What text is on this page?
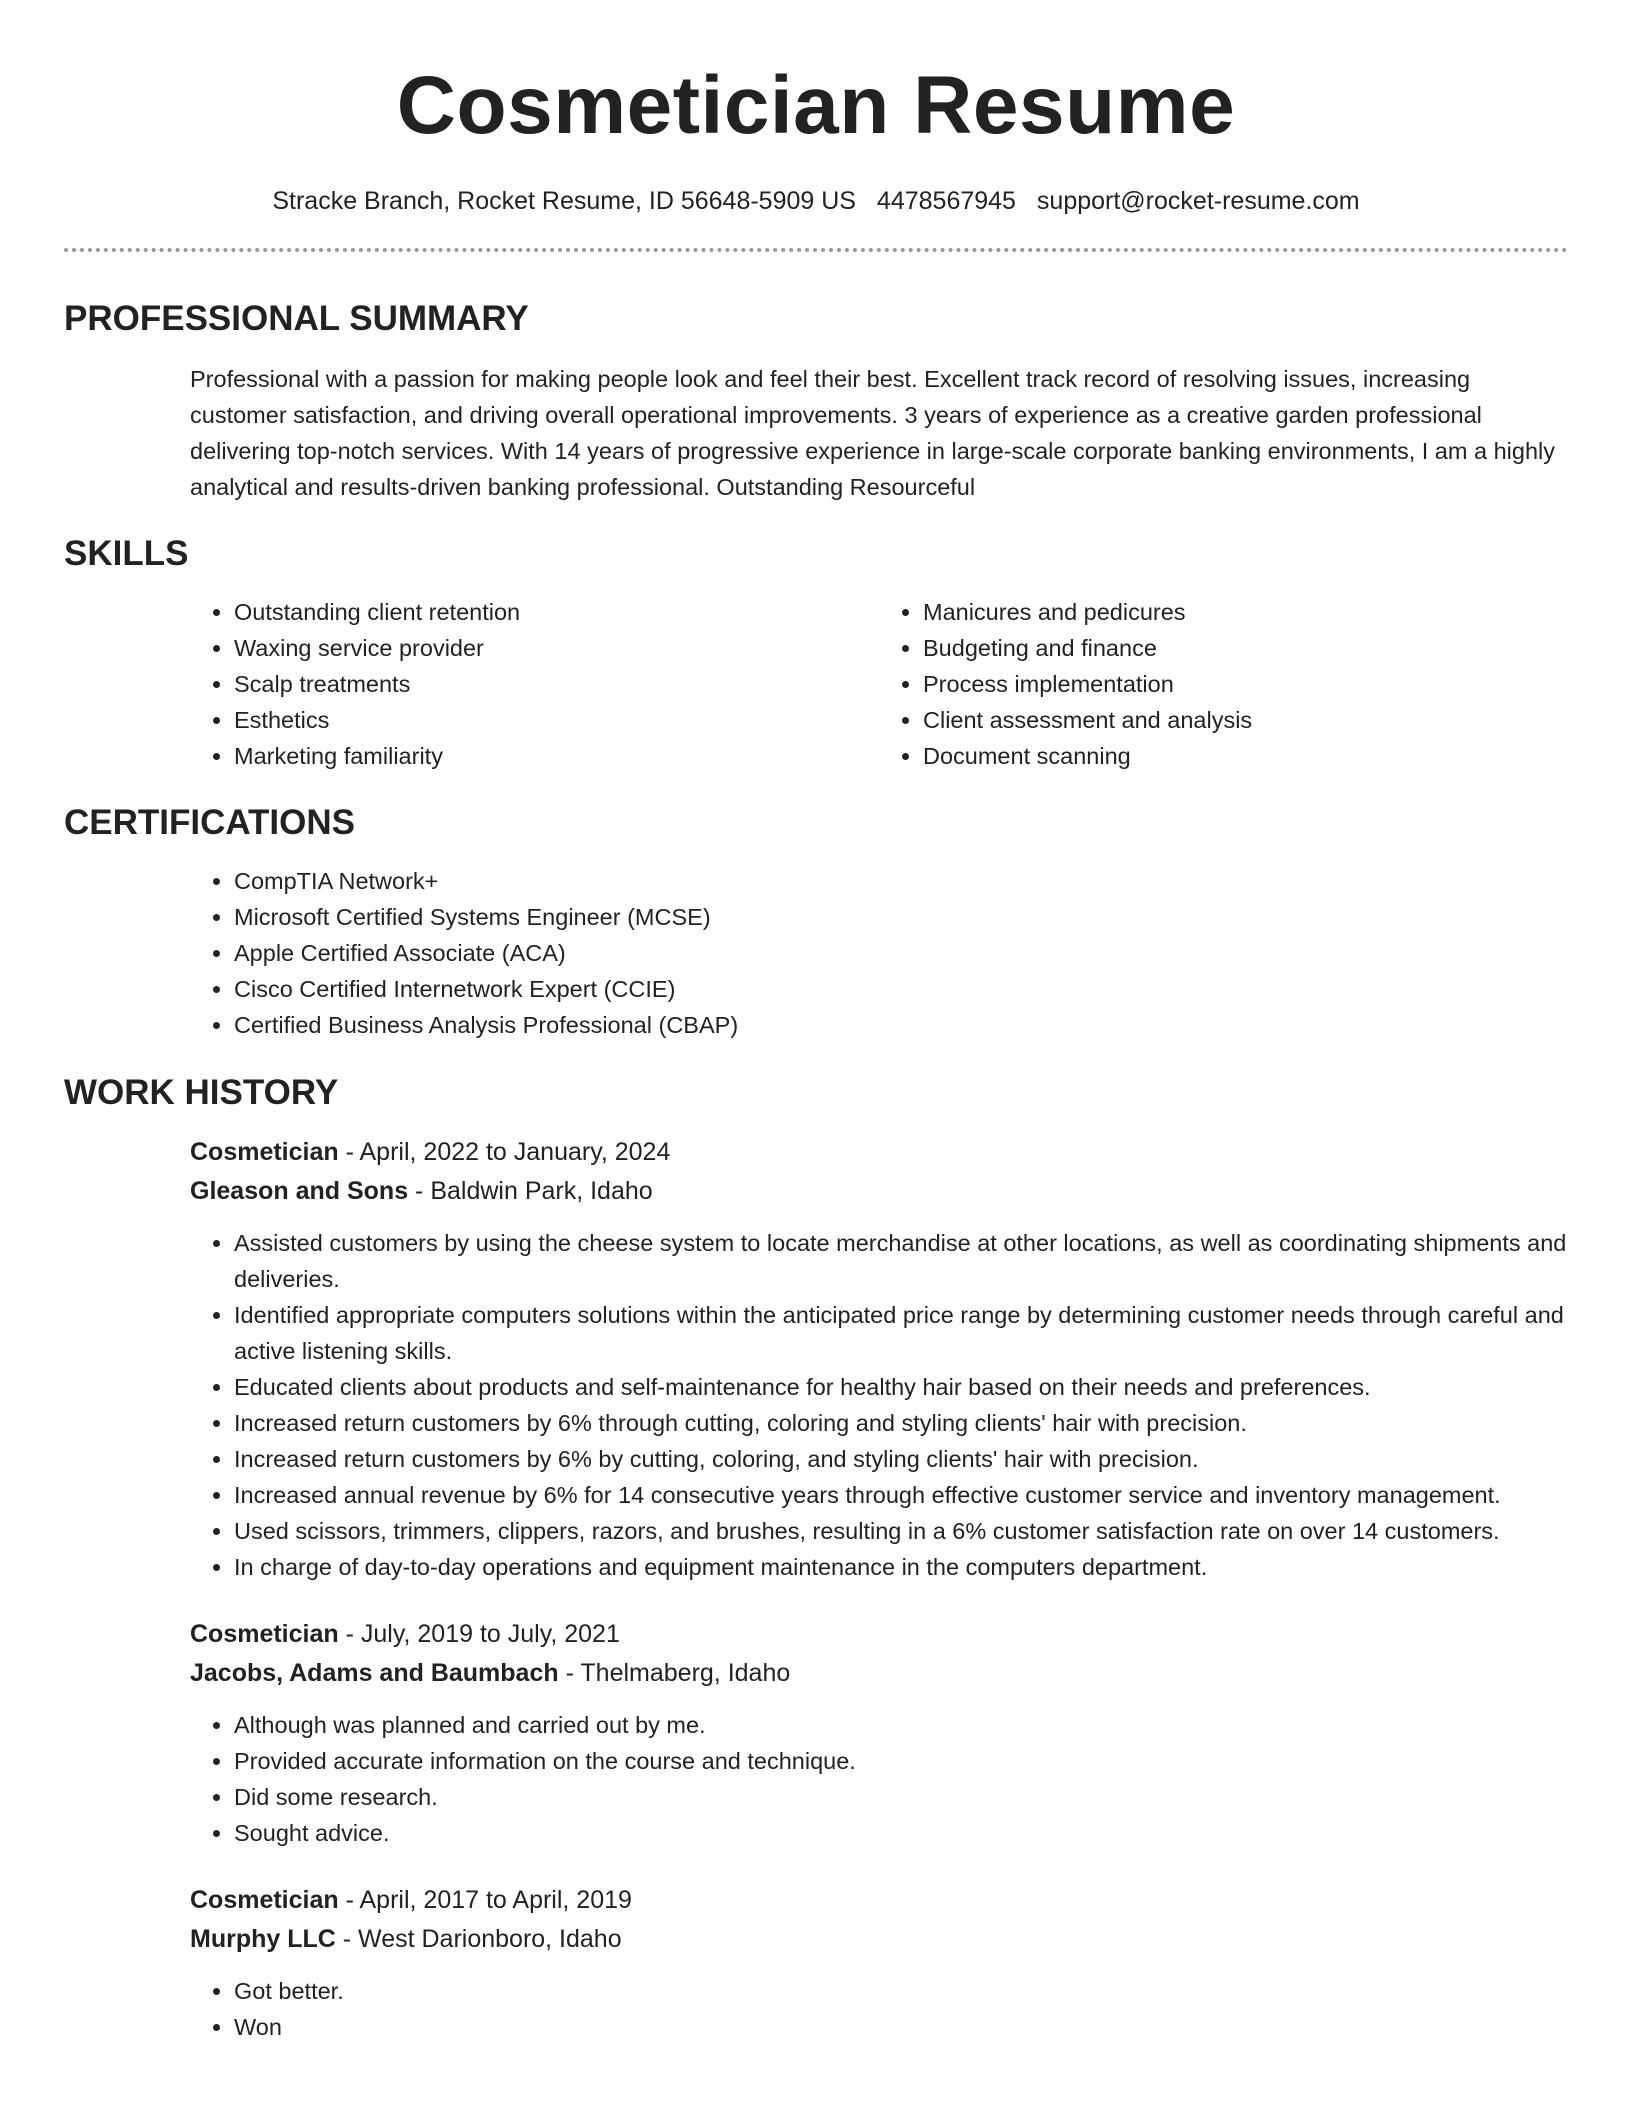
Cosmetician Resume
Stracke Branch, Rocket Resume, ID 56648-5909 US 4478567945 support@rocket-resume.com
PROFESSIONAL SUMMARY

Professional with a passion for making people look and feel their best. Excellent track record of resolving issues, increasing customer satisfaction, and driving overall operational improvements. 3 years of experience as a creative garden professional delivering top-notch services. With 14 years of progressive experience in large-scale corporate banking environments, I am a highly analytical and results-driven banking professional. Outstanding Resourceful

SKILLS
• Outstanding client retention
• Waxing service provider
• Scalp treatments
• Esthetics
• Marketing familiarity
• Manicures and pedicures
• Budgeting and finance
• Process implementation
• Client assessment and analysis
• Document scanning
CERTIFICATIONS
• CompTIA Network+
• Microsoft Certified Systems Engineer (MCSE)
• Apple Certified Associate (ACA)
• Cisco Certified Internetwork Expert (CCIE)
• Certified Business Analysis Professional (CBAP)
WORK HISTORY
Cosmetician - April, 2022 to January, 2024
Gleason and Sons - Baldwin Park, Idaho
• Assisted customers by using the cheese system to locate merchandise at other locations, as well as coordinating shipments and deliveries.
• Identified appropriate computers solutions within the anticipated price range by determining customer needs through careful and active listening skills.
• Educated clients about products and self-maintenance for healthy hair based on their needs and preferences.
• Increased return customers by 6% through cutting, coloring and styling clients' hair with precision.
• Increased return customers by 6% by cutting, coloring, and styling clients' hair with precision.
• Increased annual revenue by 6% for 14 consecutive years through effective customer service and inventory management.
• Used scissors, trimmers, clippers, razors, and brushes, resulting in a 6% customer satisfaction rate on over 14 customers.
• In charge of day-to-day operations and equipment maintenance in the computers department.
Cosmetician - July, 2019 to July, 2021
Jacobs, Adams and Baumbach - Thelmaberg, Idaho
• Although was planned and carried out by me.
• Provided accurate information on the course and technique.
• Did some research.
• Sought advice.
Cosmetician - April, 2017 to April, 2019
Murphy LLC - West Darionboro, Idaho
• Got better.
• Won
